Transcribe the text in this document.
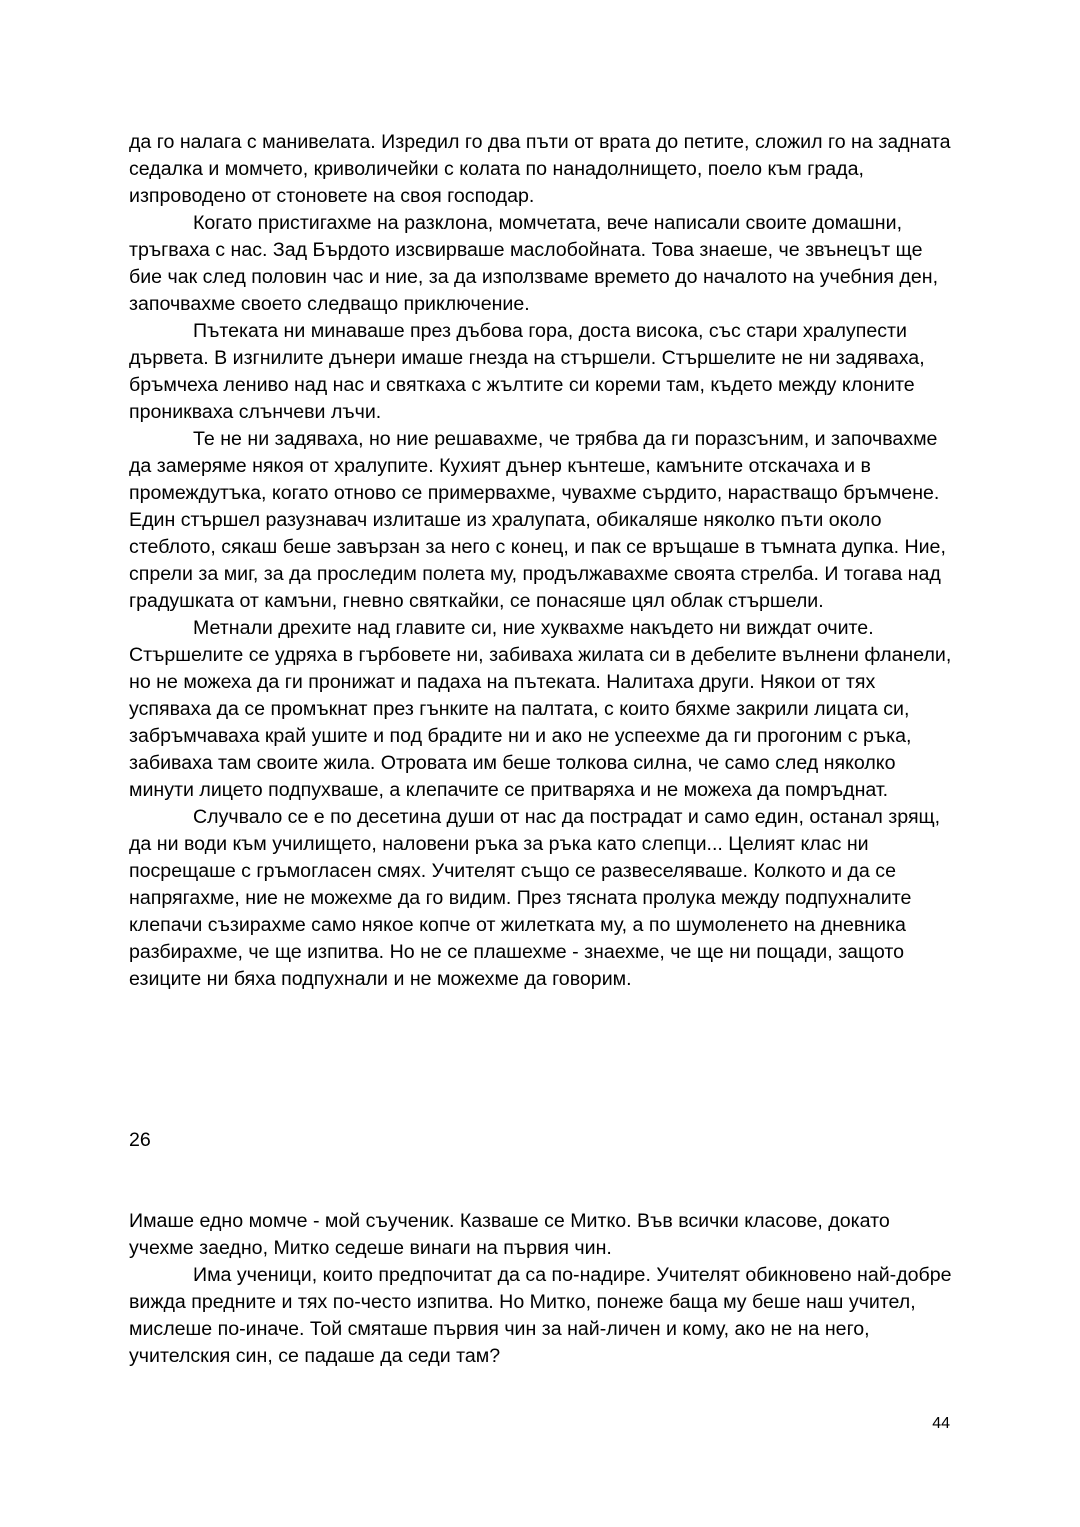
да го налага с манивелата. Изредил го два пъти от врата до петите, сложил го на задната седалка и момчето, криволичейки с колата по нанадолнището, поело към града, изпроводено от стоновете на своя господар.

Когато пристигахме на разклона, момчетата, вече написали своите домашни, тръгваха с нас. Зад Бърдото изсвирваше маслобойната. Това знаеше, че звънецът ще бие чак след половин час и ние, за да използваме времето до началото на учебния ден, започвахме своето следващо приключение.

Пътеката ни минаваше през дъбова гора, доста висока, със стари хралупести дървета. В изгнилите дънери имаше гнезда на стършели. Стършелите не ни задяваха, бръмчеха лениво над нас и святкаха с жълтите си кореми там, където между клоните проникваха слънчеви лъчи.

Те не ни задяваха, но ние решавахме, че трябва да ги поразсъним, и започвахме да замеряме някоя от хралупите. Кухият дънер кънтеше, камъните отскачаха и в промеждутъка, когато отново се примервахме, чувахме сърдито, нарастващо бръмчене. Един стършел разузнавач излиташе из хралупата, обикаляше няколко пъти около стеблото, сякаш беше завързан за него с конец, и пак се връщаше в тъмната дупка. Ние, спрели за миг, за да проследим полета му, продължавахме своята стрелба. И тогава над градушката от камъни, гневно святкайки, се понасяше цял облак стършели.

Метнали дрехите над главите си, ние хуквахме накъдето ни виждат очите. Стършелите се удряха в гърбовете ни, забиваха жилата си в дебелите вълнени фланели, но не можеха да ги пронижат и падаха на пътеката. Налитаха други. Някои от тях успяваха да се промъкнат през гънките на палтата, с които бяхме закрили лицата си, забръмчаваха край ушите и под брадите ни и ако не успеехме да ги прогоним с ръка, забиваха там своите жила. Отровата им беше толкова силна, че само след няколко минути лицето подпухваше, а клепачите се притваряха и не можеха да помръднат.

Случвало се е по десетина души от нас да пострадат и само един, останал зрящ, да ни води към училището, наловени ръка за ръка като слепци... Целият клас ни посрещаше с гръмогласен смях. Учителят също се развеселяваше. Колкото и да се напрягахме, ние не можехме да го видим. През тясната пролука между подпухналите клепачи съзирахме само някое копче от жилетката му, а по шумоленето на дневника разбирахме, че ще изпитва. Но не се плашехме - знаехме, че ще ни пощади, защото езиците ни бяха подпухнали и не можехме да говорим.

26

Имаше едно момче - мой съученик. Казваше се Митко. Във всички класове, докато учехме заедно, Митко седеше винаги на първия чин.

Има ученици, които предпочитат да са по-надире. Учителят обикновено най-добре вижда предните и тях по-често изпитва. Но Митко, понеже баща му беше наш учител, мислеше по-иначе. Той смяташе първия чин за най-личен и кому, ако не на него, учителския син, се падаше да седи там?

44
